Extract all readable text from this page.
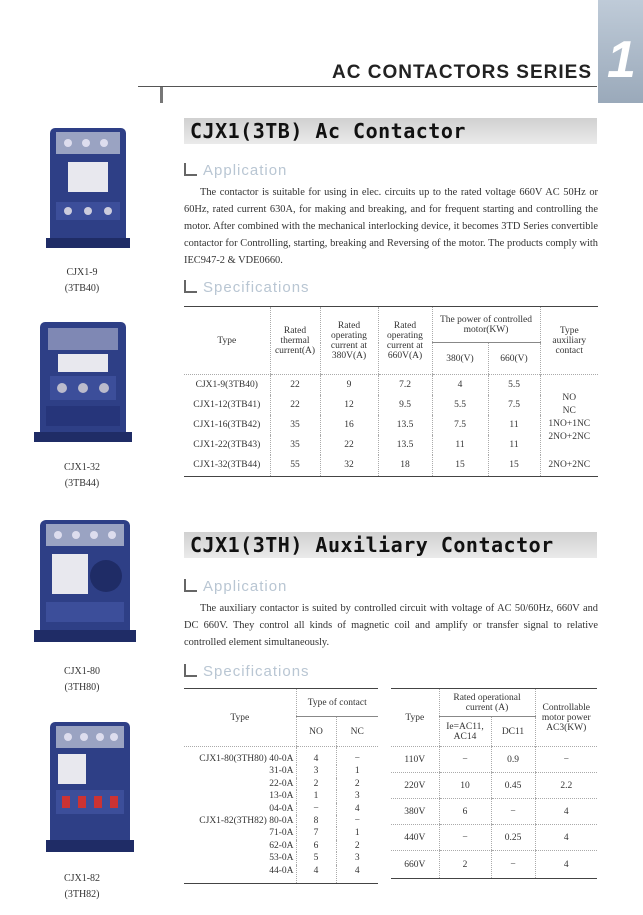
1
AC CONTACTORS SERIES
CJX1-9
(3TB40)
CJX1-32
(3TB44)
CJX1-80
(3TH80)
CJX1-82
(3TH82)
CJX1(3TB) Ac Contactor
Application

The contactor is suitable for using in elec. circuits up to the rated voltage 660V AC 50Hz or 60Hz, rated current 630A, for making and breaking, and for frequent starting and controlling the motor. After combined with the mechanical interlocking device, it becomes 3TD Series convertible contactor for Controlling, starting, breaking and Reversing of the motor. The products comply with IEC947-2 & VDE0660.

Specifications
Type	Rated thermal current(A)	Rated operating current at 380V(A)	Rated operating current at 660V(A)	The power of controlled motor(KW)		Type auxiliary contact
				380(V)	660(V)	
CJX1-9(3TB40)	22	9	7.2	4	5.5	NO
NC
1NO+1NC
2NO+2NC

CJX1-12(3TB41)	22	12	9.5	5.5	7.5	
CJX1-16(3TB42)	35	16	13.5	7.5	11	
CJX1-22(3TB43)	35	22	13.5	11	11	
CJX1-32(3TB44)	55	32	18	15	15	2NO+2NC
CJX1(3TH) Auxiliary Contactor
Application

The auxiliary contactor is suited by controlled circuit with voltage of AC 50/60Hz, 660V and DC 660V. They control all kinds of magnetic coil and amplify or transfer signal to relative controlled element simultaneously.

Specifications
Type	Type of contact	
	NO	NC
CJX1-80(3TH80) 40-0A	4	−
31-0A	3	1
22-0A	2	2
13-0A	1	3
04-0A	−	4
CJX1-82(3TH82) 80-0A	8	−
71-0A	7	1
62-0A	6	2
53-0A	5	3
44-0A	4	4
Type	Rated operational current (A)		Controllable motor power AC3(KW)
	Ie=AC11, AC14	DC11	
110V	−	0.9	−
220V	10	0.45	2.2
380V	6	−	4
440V	−	0.25	4
660V	2	−	4
